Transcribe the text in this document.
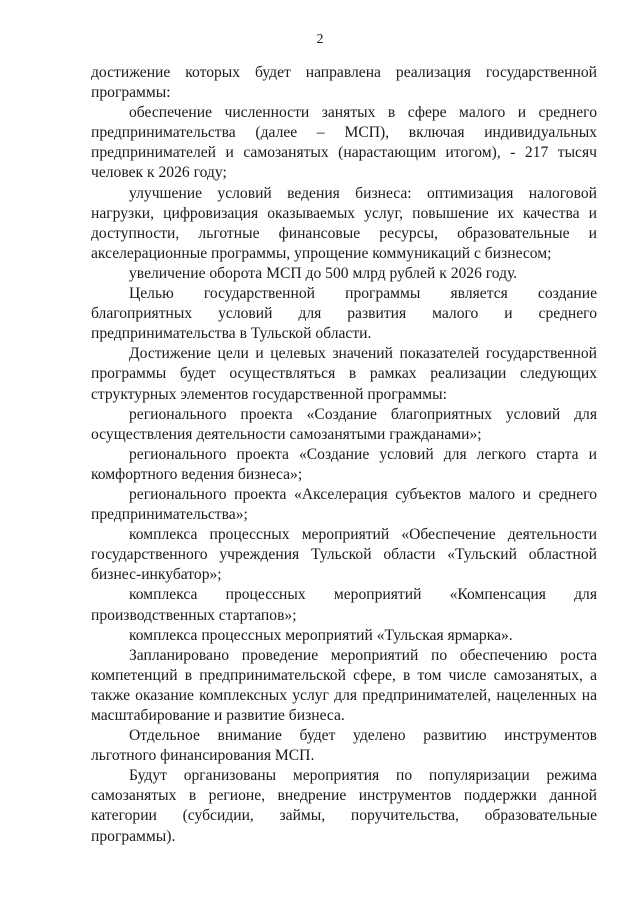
2

достижение которых будет направлена реализация государственной программы:

обеспечение численности занятых в сфере малого и среднего предпринимательства (далее – МСП), включая индивидуальных предпринимателей и самозанятых (нарастающим итогом), - 217 тысяч человек к 2026 году;

улучшение условий ведения бизнеса: оптимизация налоговой нагрузки, цифровизация оказываемых услуг, повышение их качества и доступности, льготные финансовые ресурсы, образовательные и акселерационные программы, упрощение коммуникаций с бизнесом;

увеличение оборота МСП до 500 млрд рублей к 2026 году.

Целью государственной программы является создание благоприятных условий для развития малого и среднего предпринимательства в Тульской области.

Достижение цели и целевых значений показателей государственной программы будет осуществляться в рамках реализации следующих структурных элементов государственной программы:

регионального проекта «Создание благоприятных условий для осуществления деятельности самозанятыми гражданами»;

регионального проекта «Создание условий для легкого старта и комфортного ведения бизнеса»;

регионального проекта «Акселерация субъектов малого и среднего предпринимательства»;

комплекса процессных мероприятий «Обеспечение деятельности государственного учреждения Тульской области «Тульский областной бизнес-инкубатор»;

комплекса процессных мероприятий «Компенсация для производственных стартапов»;

комплекса процессных мероприятий «Тульская ярмарка».

Запланировано проведение мероприятий по обеспечению роста компетенций в предпринимательской сфере, в том числе самозанятых, а также оказание комплексных услуг для предпринимателей, нацеленных на масштабирование и развитие бизнеса.

Отдельное внимание будет уделено развитию инструментов льготного финансирования МСП.

Будут организованы мероприятия по популяризации режима самозанятых в регионе, внедрение инструментов поддержки данной категории (субсидии, займы, поручительства, образовательные программы).
